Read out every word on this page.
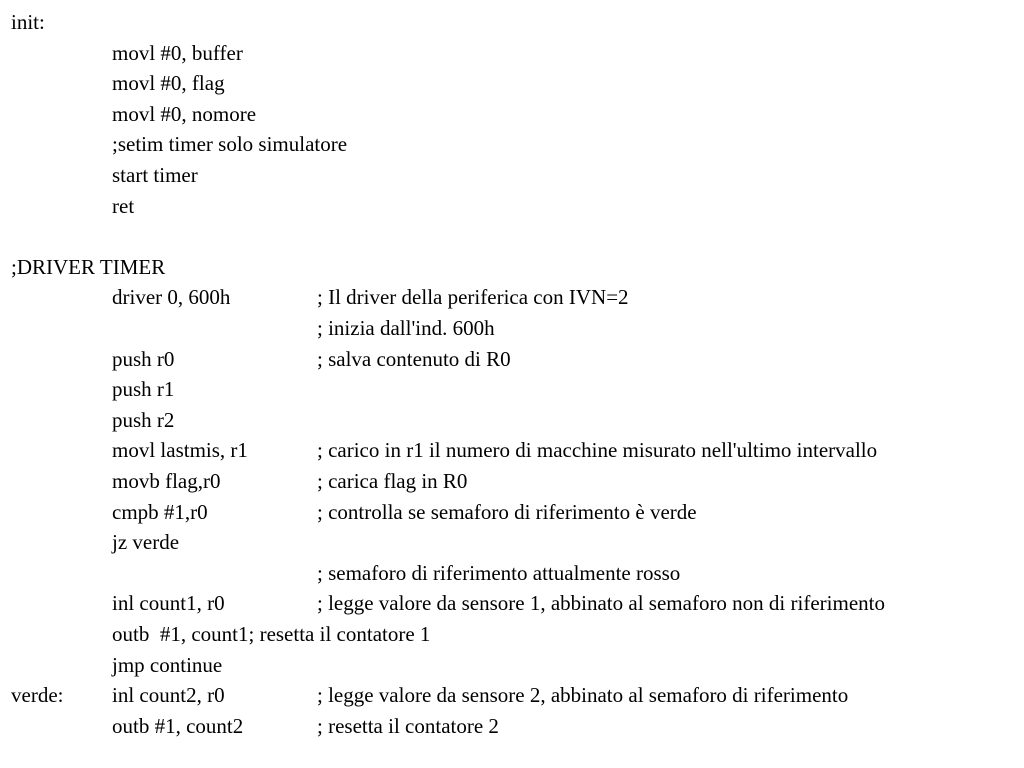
init:
movl #0, buffer
movl #0, flag
movl #0, nomore
;setim timer solo simulatore
start timer
ret
;DRIVER TIMER
driver 0, 600h	; Il driver della periferica con IVN=2
; inizia dall'ind. 600h
push r0	; salva contenuto di R0
push r1
push r2
movl lastmis, r1	; carico in r1 il numero di macchine misurato nell'ultimo intervallo
movb flag,r0	; carica flag in R0
cmpb #1,r0	; controlla se semaforo di riferimento è verde
jz verde
; semaforo di riferimento attualmente rosso
inl count1, r0	; legge valore da sensore 1, abbinato al semaforo non di riferimento
outb  #1, count1; resetta il contatore 1
jmp continue
verde: inl count2, r0	; legge valore da sensore 2, abbinato al semaforo di riferimento
outb #1, count2	; resetta il contatore 2
